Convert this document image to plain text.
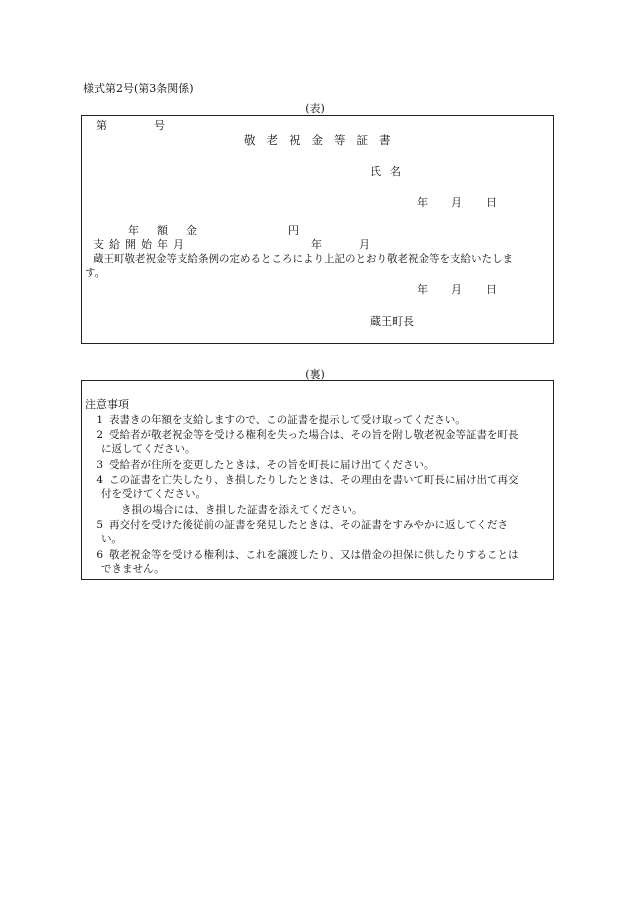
様式第2号(第3条関係)
(表)
第	号
敬老祝金等証書
氏名
年 月 日
年額金	円
支給開始年月	年	月
蔵王町敬老祝金等支給条例の定めるところにより上記のとおり敬老祝金等を支給いたしま
す。
年 月 日
蔵王町長
(裏)
注意事項
1 表書きの年額を支給しますので、この証書を提示して受け取ってください。
2 受給者が敬老祝金等を受ける権利を失った場合は、その旨を附し敬老祝金等証書を町長
に返してください。
3 受給者が住所を変更したときは、その旨を町長に届け出てください。
4 この証書を亡失したり、き損したりしたときは、その理由を書いて町長に届け出て再交
付を受けてください。
き損の場合には、き損した証書を添えてください。
5 再交付を受けた後従前の証書を発見したときは、その証書をすみやかに返してくださ
い。
6 敬老祝金等を受ける権利は、これを譲渡したり、又は借金の担保に供したりすることは
できません。
